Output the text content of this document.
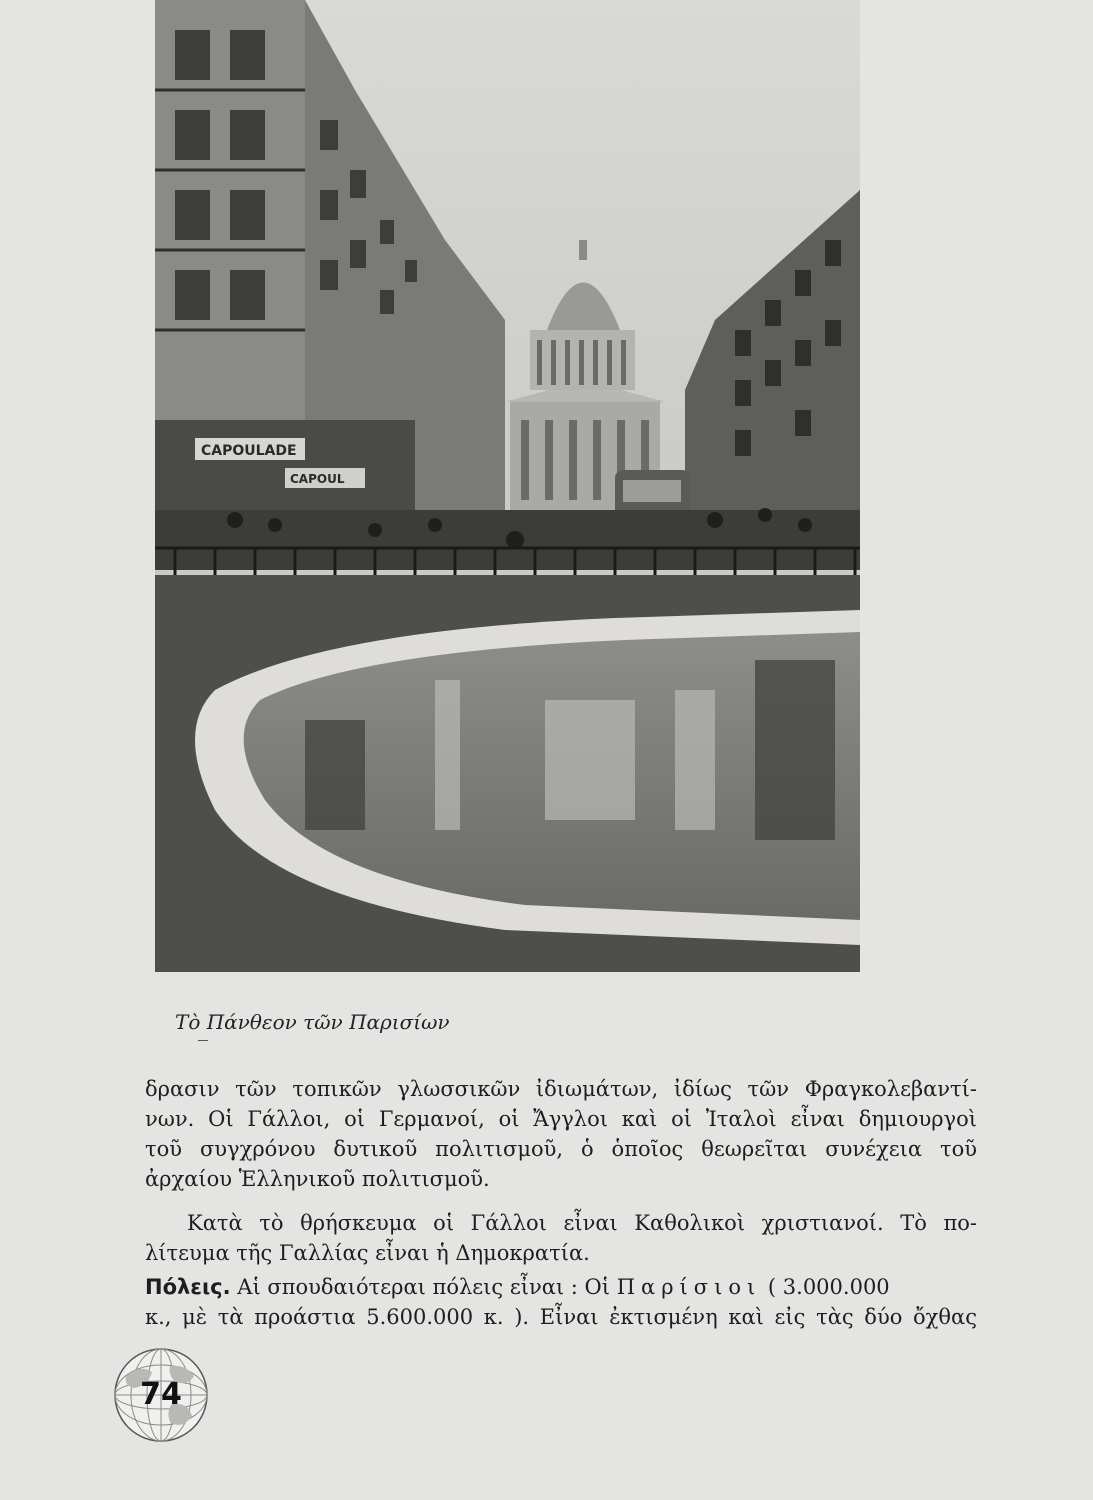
CAPOULADE
CAPOUL
Τὸ Πάνθεον τῶν Παρισίων
δρασιν τῶν τοπικῶν γλωσσικῶν ἰδιωμάτων, ἰδίως τῶν Φραγκολεβαντί-
νων. Οἱ Γάλλοι, οἱ Γερμανοί, οἱ Ἄγγλοι καὶ οἱ Ἰταλοὶ εἶναι δημιουργοὶ
τοῦ συγχρόνου δυτικοῦ πολιτισμοῦ, ὁ ὁποῖος θεωρεῖται συνέχεια τοῦ
ἀρχαίου Ἑλληνικοῦ πολιτισμοῦ.
Κατὰ τὸ θρήσκευμα οἱ Γάλλοι εἶναι Καθολικοὶ χριστιανοί. Τὸ πο-
λίτευμα τῆς Γαλλίας εἶναι ἡ Δημοκρατία.
Πόλεις. Αἱ σπουδαιότεραι πόλεις εἶναι : Οἱ Παρίσιοι ( 3.000.000
κ., μὲ τὰ προάστια 5.600.000 κ. ). Εἶναι ἐκτισμένη καὶ εἰς τὰς δύο ὄχθας
74
